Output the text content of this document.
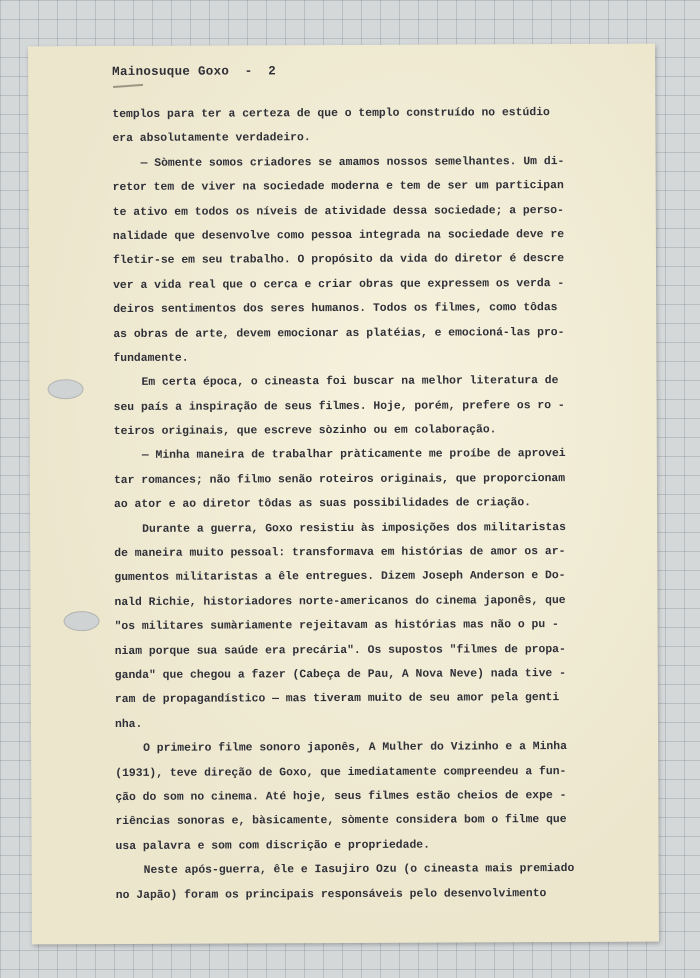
Mainosuque Goxo  -  2
templos para ter a certeza de que o templo construído no estúdio
era absolutamente verdadeiro.
— Sòmente somos criadores se amamos nossos semelhantes. Um di-
retor tem de viver na sociedade moderna e tem de ser um participan
te ativo em todos os níveis de atividade dessa sociedade; a perso-
nalidade que desenvolve como pessoa integrada na sociedade deve re
fletir-se em seu trabalho. O propósito da vida do diretor é descre
ver a vida real que o cerca e criar obras que expressem os verda -
deiros sentimentos dos seres humanos. Todos os filmes, como tôdas
as obras de arte, devem emocionar as platéias, e emocioná-las pro-
fundamente.
Em certa época, o cineasta foi buscar na melhor literatura de
seu país a inspiração de seus filmes. Hoje, porém, prefere os ro -
teiros originais, que escreve sòzinho ou em colaboração.
— Minha maneira de trabalhar pràticamente me proíbe de aprovei
tar romances; não filmo senão roteiros originais, que proporcionam
ao ator e ao diretor tôdas as suas possibilidades de criação.
Durante a guerra, Goxo resistiu às imposições dos militaristas
de maneira muito pessoal: transformava em histórias de amor os ar-
gumentos militaristas a êle entregues. Dizem Joseph Anderson e Do-
nald Richie, historiadores norte-americanos do cinema japonês, que
"os militares sumàriamente rejeitavam as histórias mas não o pu -
niam porque sua saúde era precária". Os supostos "filmes de propa-
ganda" que chegou a fazer (Cabeça de Pau, A Nova Neve) nada tive -
ram de propagandístico — mas tiveram muito de seu amor pela genti
nha.
O primeiro filme sonoro japonês, A Mulher do Vizinho e a Minha
(1931), teve direção de Goxo, que imediatamente compreendeu a fun-
ção do som no cinema. Até hoje, seus filmes estão cheios de expe -
riências sonoras e, bàsicamente, sòmente considera bom o filme que
usa palavra e som com discrição e propriedade.
Neste após-guerra, êle e Iasujiro Ozu (o cineasta mais premiado
no Japão) foram os principais responsáveis pelo desenvolvimento
